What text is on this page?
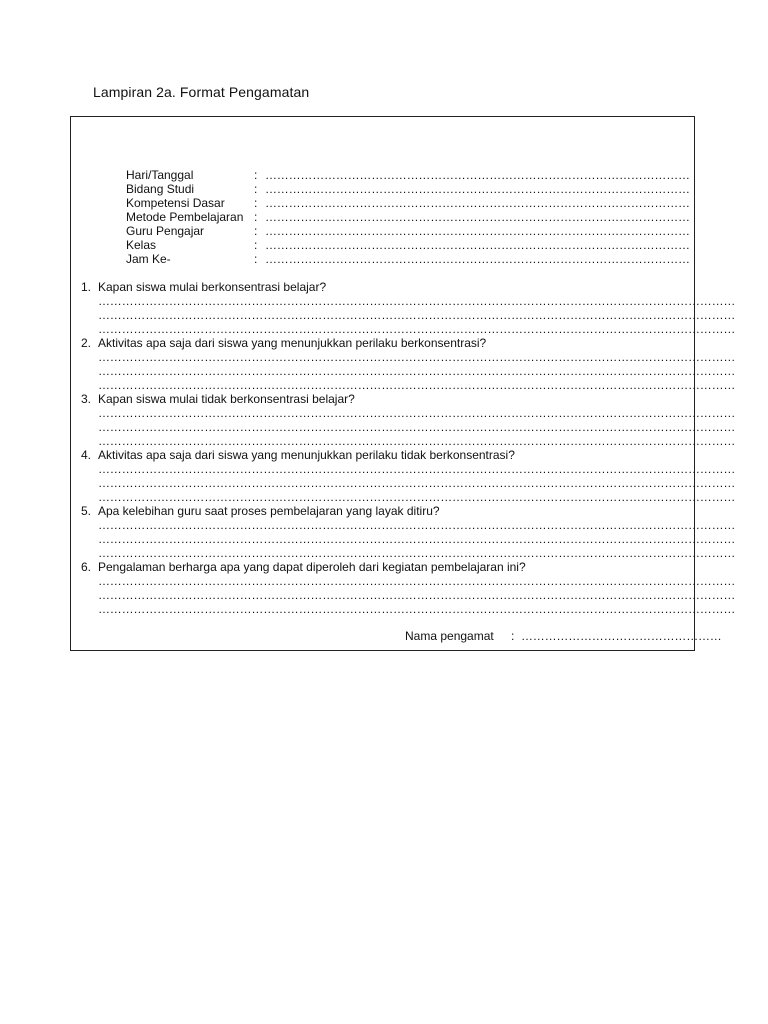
Lampiran 2a. Format Pengamatan
Hari/Tanggal	: ………………………………………………………………………………………………
Bidang Studi	: ………………………………………………………………………………………………
Kompetensi Dasar : ………………………………………………………………………………………………
Metode Pembelajaran : ………………………………………………………………………………………………
Guru Pengajar	: ………………………………………………………………………………………………
Kelas	: ………………………………………………………………………………………………
Jam Ke-	: ………………………………………………………………………………………………
1. Kapan siswa mulai berkonsentrasi belajar?
………………………………………………………………………………………………………………………………………………
………………………………………………………………………………………………………………………………………………
………………………………………………………………………………………………………………………………………………
2. Aktivitas apa saja dari siswa yang menunjukkan perilaku berkonsentrasi?
………………………………………………………………………………………………………………………………………………
………………………………………………………………………………………………………………………………………………
………………………………………………………………………………………………………………………………………………
3. Kapan siswa mulai tidak berkonsentrasi belajar?
………………………………………………………………………………………………………………………………………………
………………………………………………………………………………………………………………………………………………
………………………………………………………………………………………………………………………………………………
4. Aktivitas apa saja dari siswa yang menunjukkan perilaku tidak berkonsentrasi?
………………………………………………………………………………………………………………………………………………
………………………………………………………………………………………………………………………………………………
………………………………………………………………………………………………………………………………………………
5. Apa kelebihan guru saat proses pembelajaran yang layak ditiru?
………………………………………………………………………………………………………………………………………………
………………………………………………………………………………………………………………………………………………
………………………………………………………………………………………………………………………………………………
6. Pengalaman berharga apa yang dapat diperoleh dari kegiatan pembelajaran ini?
………………………………………………………………………………………………………………………………………………
………………………………………………………………………………………………………………………………………………
………………………………………………………………………………………………………………………………………………
Nama pengamat : ……………………………………………
